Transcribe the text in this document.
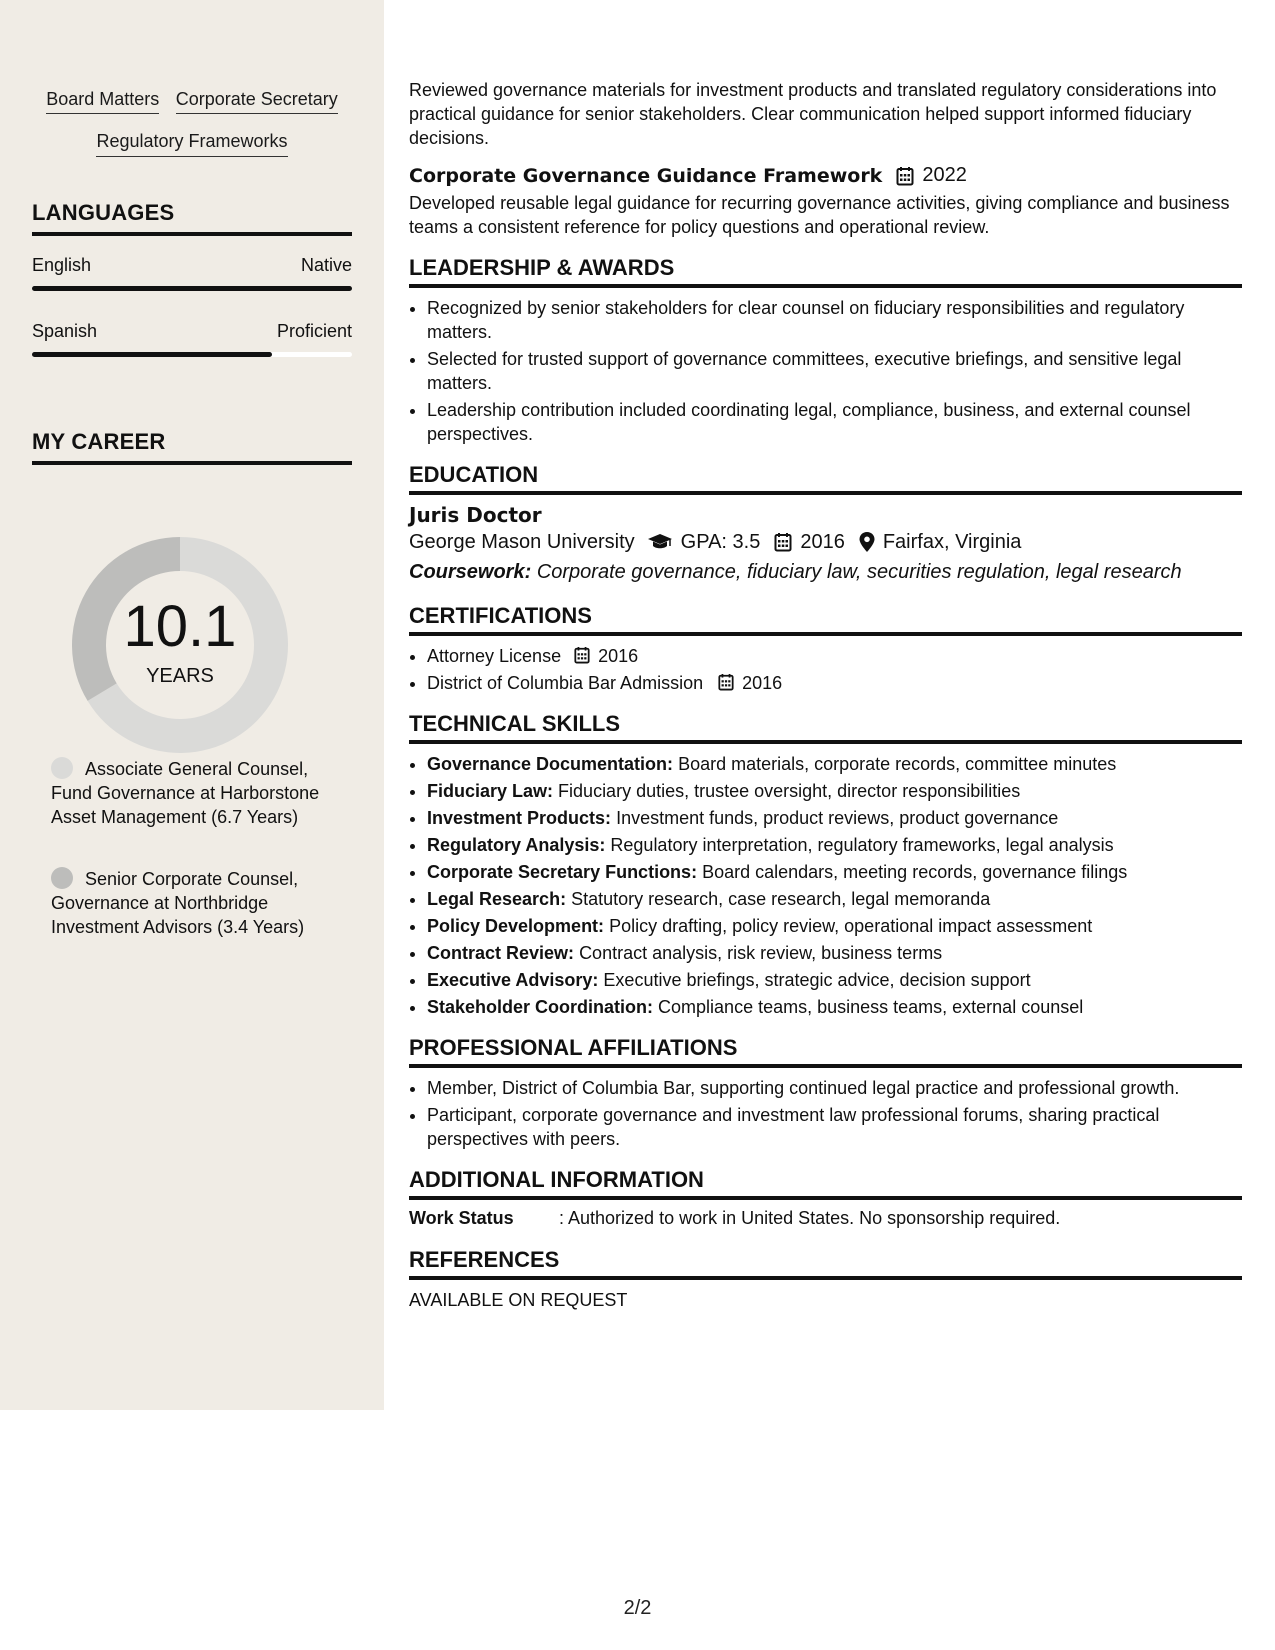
Board Matters Corporate Secretary Regulatory Frameworks
LANGUAGES
English	Native
Spanish	Proficient
MY CAREER
10.1
YEARS
Associate General Counsel, Fund Governance at Harborstone Asset Management (6.7 Years)
Senior Corporate Counsel, Governance at Northbridge Investment Advisors (3.4 Years)

Reviewed governance materials for investment products and translated regulatory considerations into practical guidance for senior stakeholders. Clear communication helped support informed fiduciary decisions.

Corporate Governance Guidance Framework 2022

Developed reusable legal guidance for recurring governance activities, giving compliance and business teams a consistent reference for policy questions and operational review.

LEADERSHIP & AWARDS
• Recognized by senior stakeholders for clear counsel on fiduciary responsibilities and regulatory matters.
• Selected for trusted support of governance committees, executive briefings, and sensitive legal matters.
• Leadership contribution included coordinating legal, compliance, business, and external counsel perspectives.
EDUCATION
Juris Doctor
George Mason University GPA: 3.5 2016 Fairfax, Virginia
Coursework: Corporate governance, fiduciary law, securities regulation, legal research
CERTIFICATIONS
• Attorney License 2016
• District of Columbia Bar Admission 2016
TECHNICAL SKILLS
• Governance Documentation: Board materials, corporate records, committee minutes
• Fiduciary Law: Fiduciary duties, trustee oversight, director responsibilities
• Investment Products: Investment funds, product reviews, product governance
• Regulatory Analysis: Regulatory interpretation, regulatory frameworks, legal analysis
• Corporate Secretary Functions: Board calendars, meeting records, governance filings
• Legal Research: Statutory research, case research, legal memoranda
• Policy Development: Policy drafting, policy review, operational impact assessment
• Contract Review: Contract analysis, risk review, business terms
• Executive Advisory: Executive briefings, strategic advice, decision support
• Stakeholder Coordination: Compliance teams, business teams, external counsel
PROFESSIONAL AFFILIATIONS
• Member, District of Columbia Bar, supporting continued legal practice and professional growth.
• Participant, corporate governance and investment law professional forums, sharing practical perspectives with peers.
ADDITIONAL INFORMATION
Work Status	: Authorized to work in United States. No sponsorship required.
REFERENCES
AVAILABLE ON REQUEST
2/2
